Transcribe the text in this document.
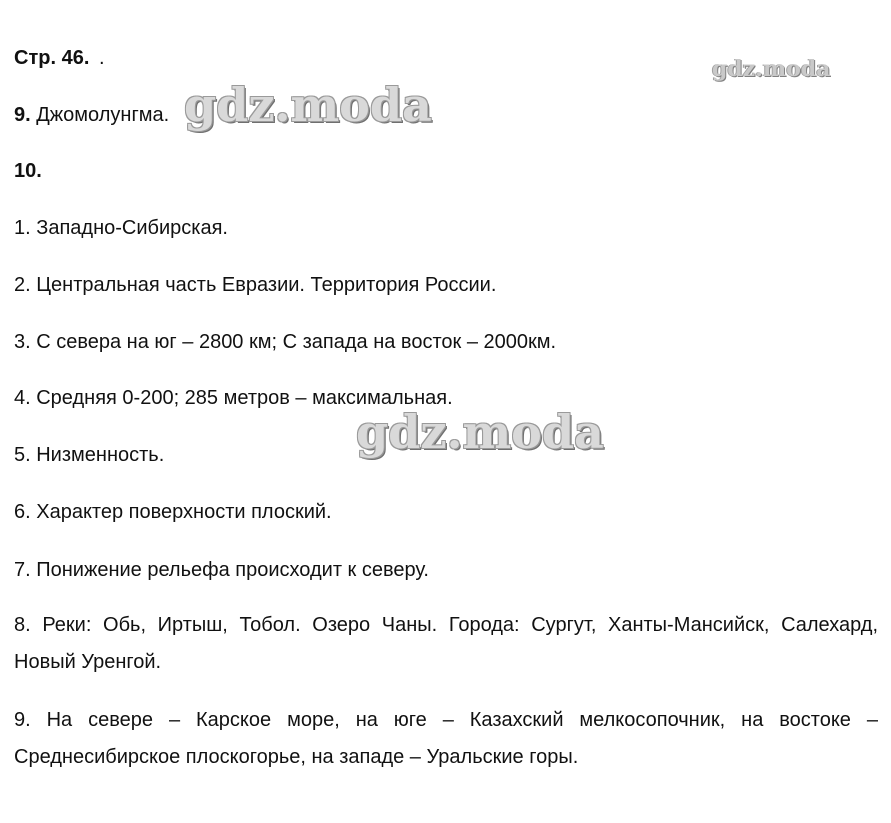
Стр. 46. .	gdz.moda
9. Джомолунгма. gdz.moda
10.
1. Западно-Сибирская.
2. Центральная часть Евразии. Территория России.
3. С севера на юг – 2800 км; С запада на восток – 2000км.
4. Средняя 0-200; 285 метров – максимальная.
gdz.moda
5. Низменность.
6. Характер поверхности плоский.
7. Понижение рельефа происходит к северу.
8. Реки: Обь, Иртыш, Тобол. Озеро Чаны. Города: Сургут, Ханты-Мансийск, Салехард, Новый Уренгой.
9. На севере – Карское море, на юге – Казахский мелкосопочник, на востоке – Среднесибирское плоскогорье, на западе – Уральские горы.
